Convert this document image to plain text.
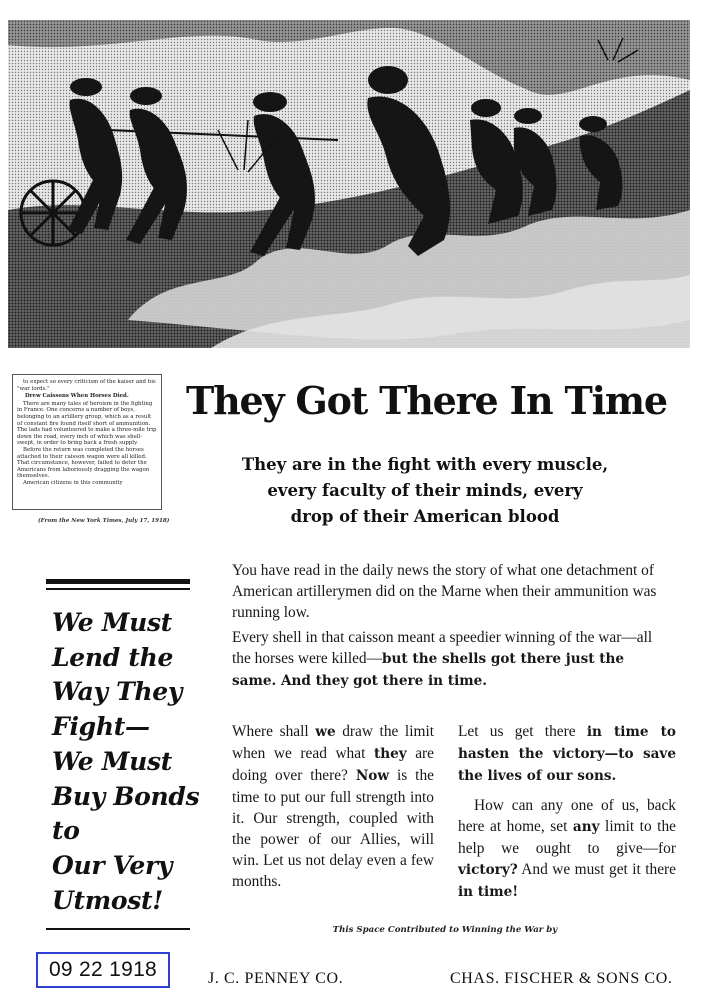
to expect so every criticism of the kaiser and his "war lords."

Drew Caissons When Horses Died.

There are many tales of heroism in the fighting in France. One concerns a number of boys, belonging to an artillery group, which as a result of constant fire found itself short of ammunition. The lads had volunteered to make a three-mile trip down the road, every inch of which was shell-swept, in order to bring back a fresh supply.

Before the return was completed the horses attached to their caisson wagon were all killed. That circumstance, however, failed to deter the Americans from laboriously dragging the wagon themselves.

American citizens in this community

(From the New York Times, July 17, 1918)
They Got There In Time
They are in the fight with every muscle,
every faculty of their minds, every
drop of their American blood
We Must
Lend the
Way They
Fight—
We Must
Buy Bonds
to
Our Very
Utmost!

You have read in the daily news the story of what one detachment of American artillerymen did on the Marne when their ammunition was running low.

Every shell in that caisson meant a speedier winning of the war—all the horses were killed—but the shells got there just the same. And they got there in time.

Where shall we draw the limit when we read what they are doing over there? Now is the time to put our full strength into it. Our strength, coupled with the power of our Allies, will win. Let us not delay even a few months.

Let us get there in time to hasten the victory—to save the lives of our sons.

How can any one of us, back here at home, set any limit to the help we ought to give—for victory? And we must get it there in time!

This Space Contributed to Winning the War by
09 22 1918	J. C. PENNEY CO.	CHAS. FISCHER & SONS CO.
